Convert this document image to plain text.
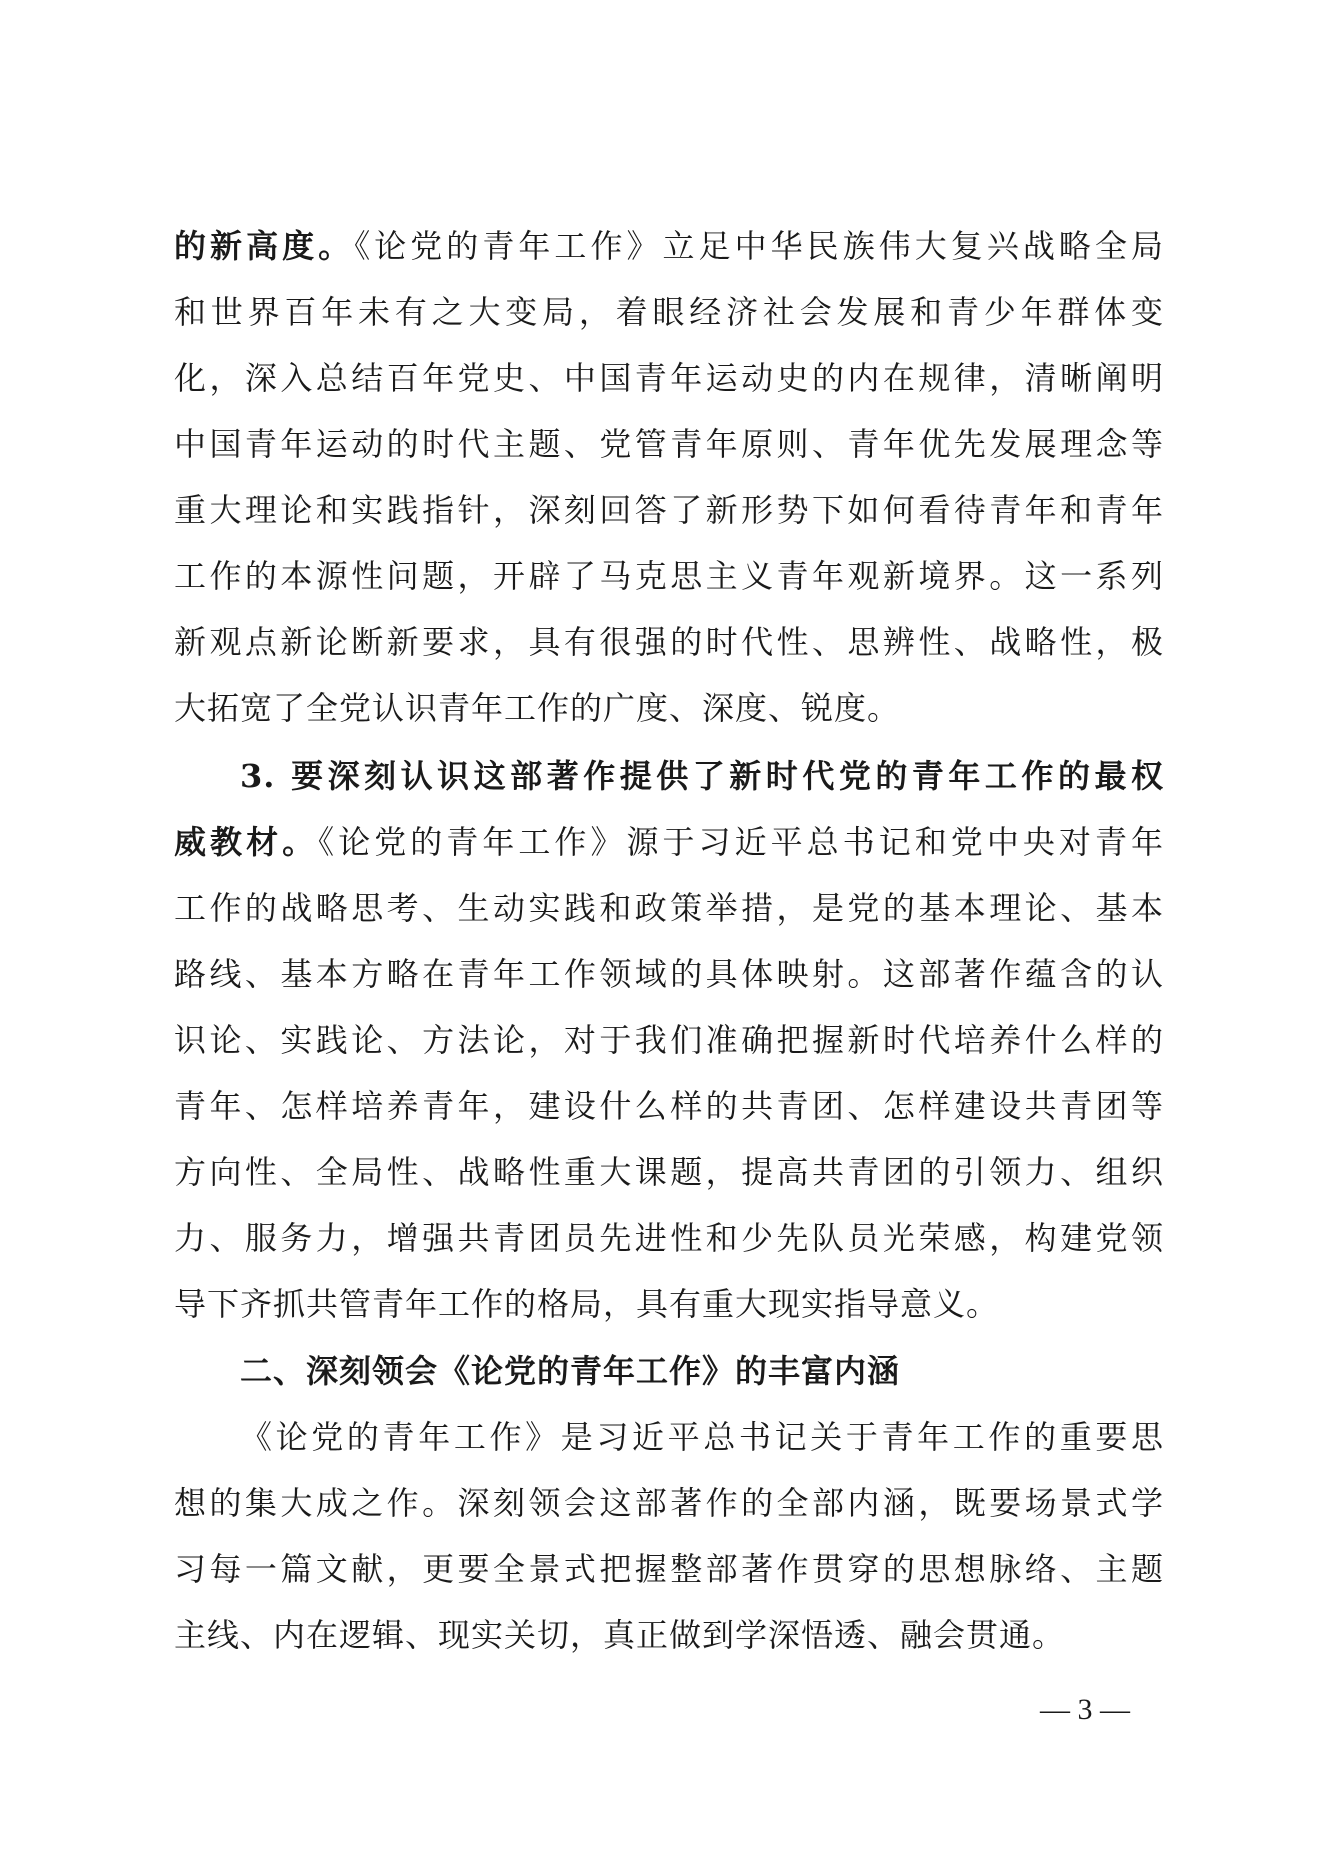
的新高度。《论党的青年工作》立足中华民族伟大复兴战略全局
和世界百年未有之大变局，着眼经济社会发展和青少年群体变
化，深入总结百年党史、中国青年运动史的内在规律，清晰阐明
中国青年运动的时代主题、党管青年原则、青年优先发展理念等
重大理论和实践指针，深刻回答了新形势下如何看待青年和青年
工作的本源性问题，开辟了马克思主义青年观新境界。这一系列
新观点新论断新要求，具有很强的时代性、思辨性、战略性，极
大拓宽了全党认识青年工作的广度、深度、锐度。
3. 要深刻认识这部著作提供了新时代党的青年工作的最权
威教材。《论党的青年工作》源于习近平总书记和党中央对青年
工作的战略思考、生动实践和政策举措，是党的基本理论、基本
路线、基本方略在青年工作领域的具体映射。这部著作蕴含的认
识论、实践论、方法论，对于我们准确把握新时代培养什么样的
青年、怎样培养青年，建设什么样的共青团、怎样建设共青团等
方向性、全局性、战略性重大课题，提高共青团的引领力、组织
力、服务力，增强共青团员先进性和少先队员光荣感，构建党领
导下齐抓共管青年工作的格局，具有重大现实指导意义。
二、深刻领会《论党的青年工作》的丰富内涵
《论党的青年工作》是习近平总书记关于青年工作的重要思
想的集大成之作。深刻领会这部著作的全部内涵，既要场景式学
习每一篇文献，更要全景式把握整部著作贯穿的思想脉络、主题
主线、内在逻辑、现实关切，真正做到学深悟透、融会贯通。
— 3 —
